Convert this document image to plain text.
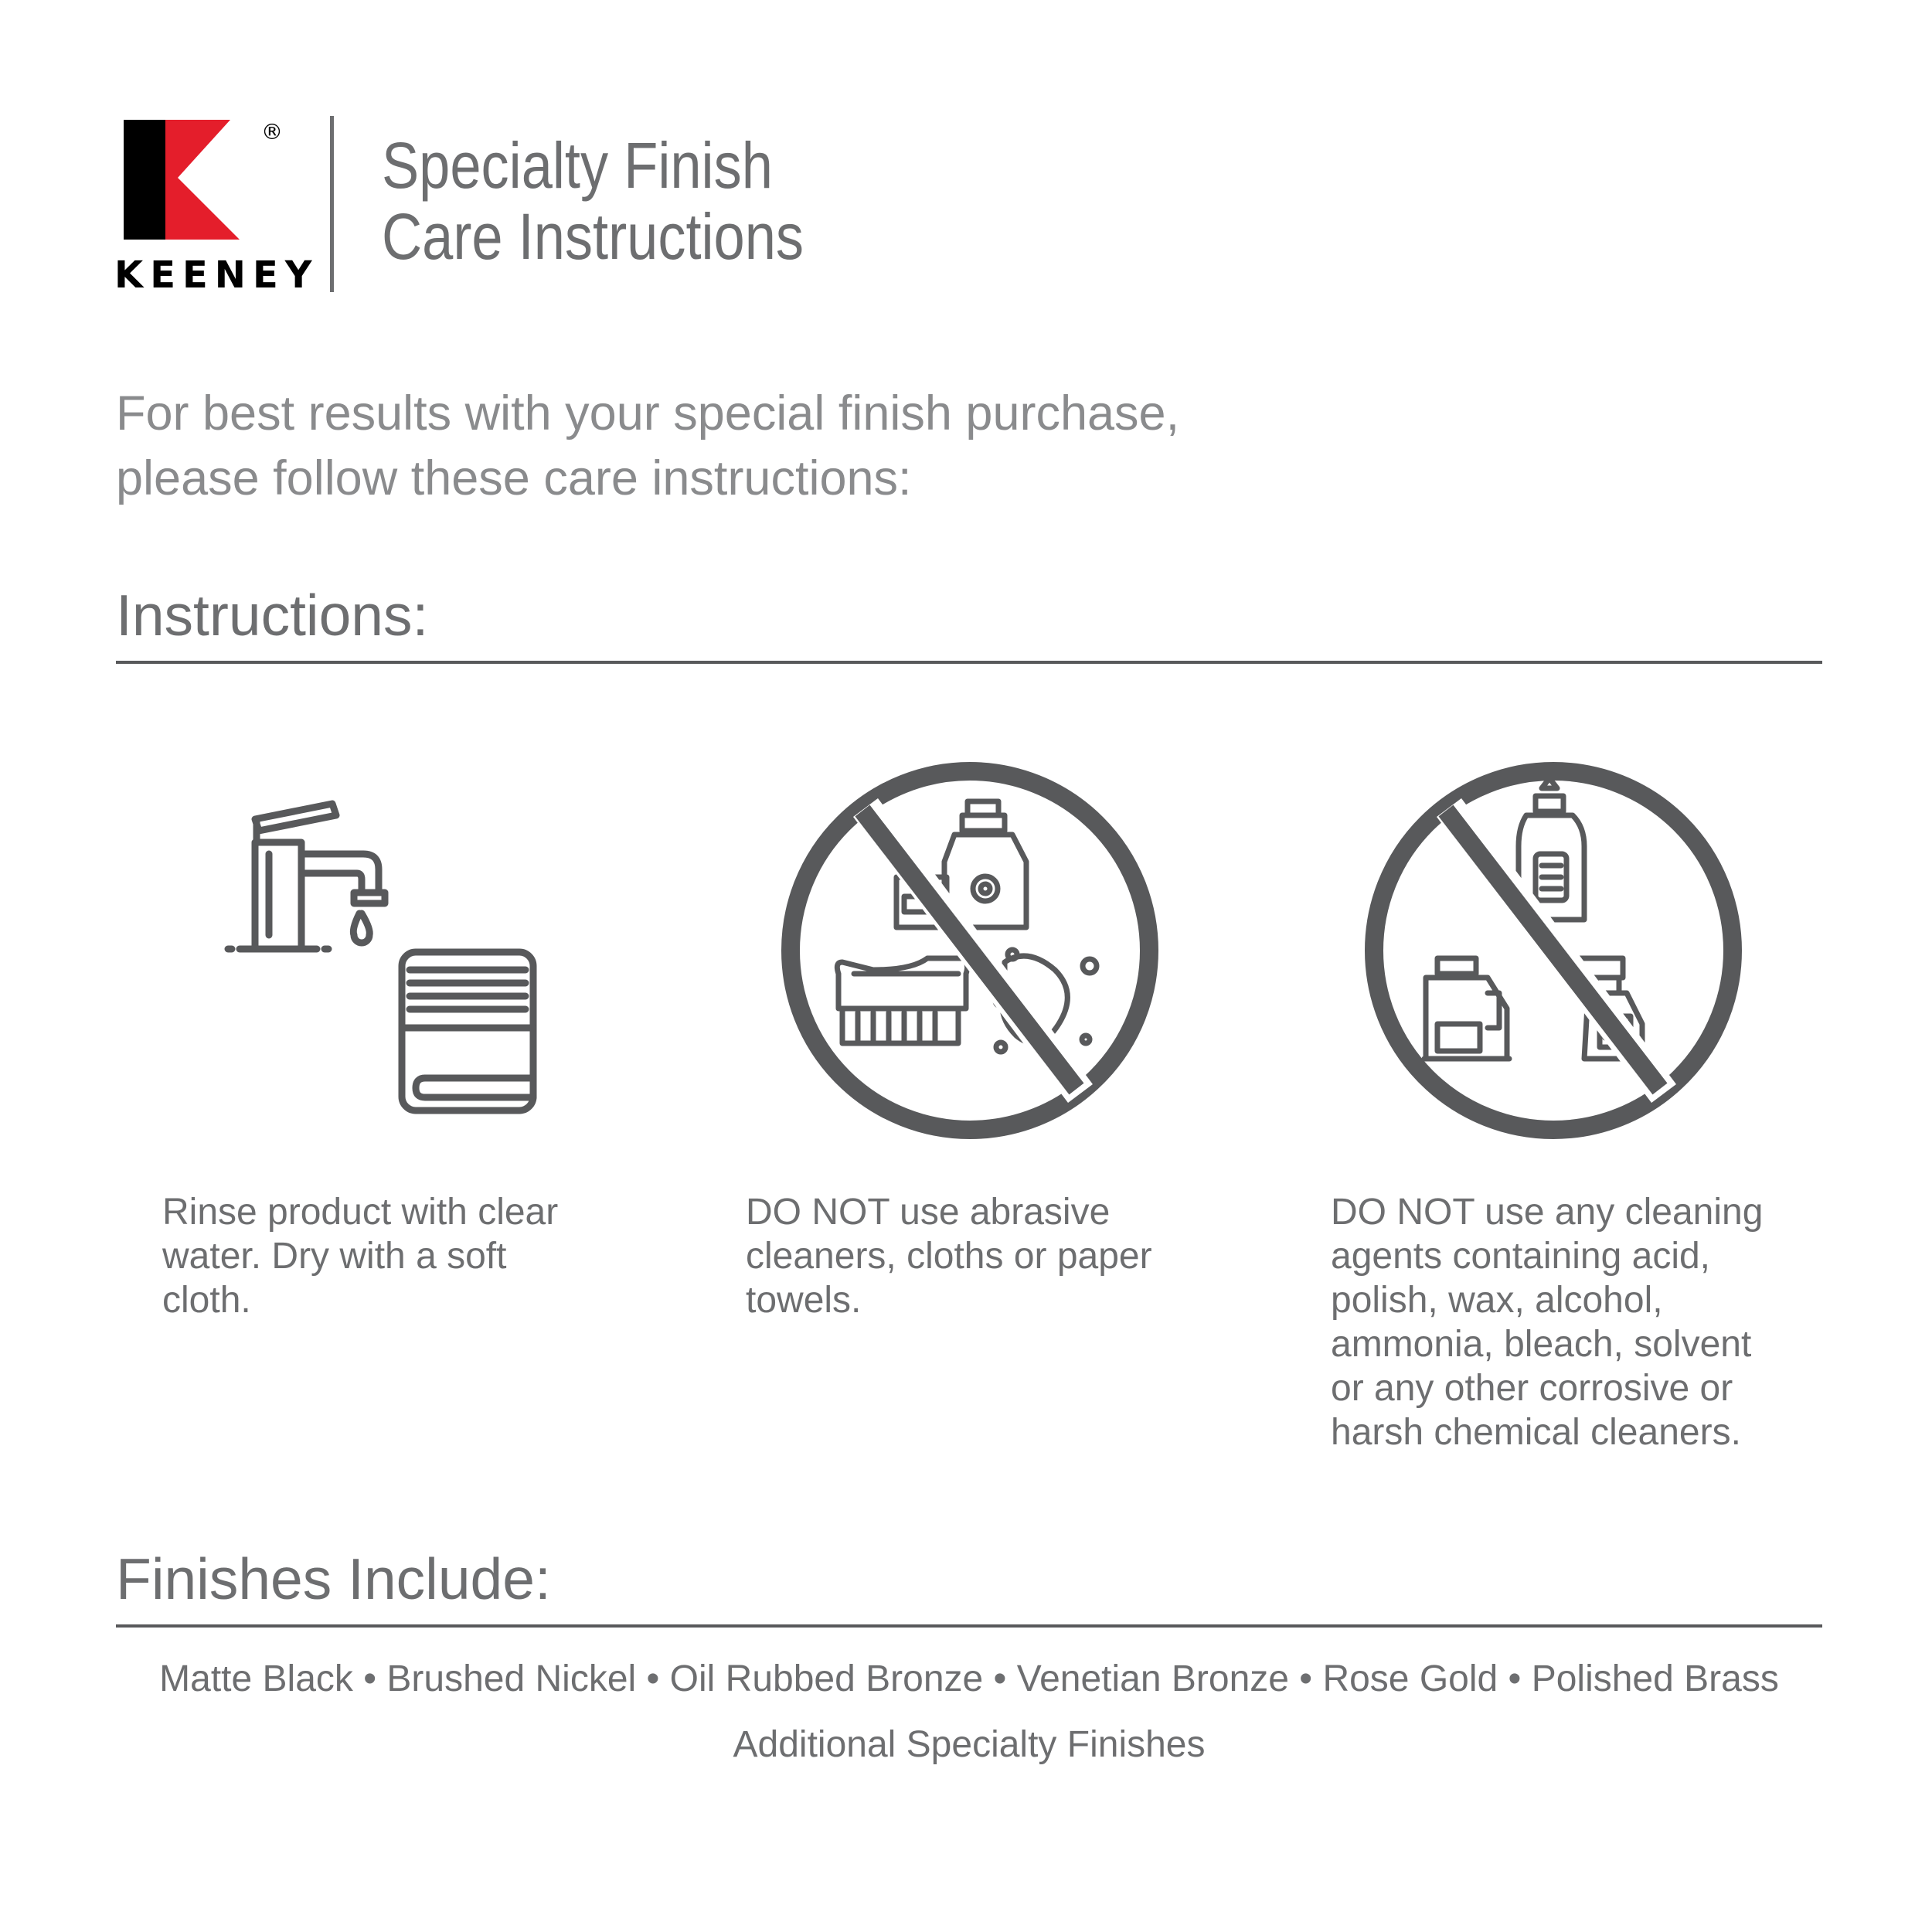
®
KEENEY
Specialty Finish
Care Instructions
For best results with your special finish purchase,
please follow these care instructions:
Instructions:
Rinse product with clear
water. Dry with a soft
cloth.
DO NOT use abrasive
cleaners, cloths or paper
towels.
DO NOT use any cleaning
agents containing acid,
polish, wax, alcohol,
ammonia, bleach, solvent
or any other corrosive or
harsh chemical cleaners.
Finishes Include:
Matte Black • Brushed Nickel • Oil Rubbed Bronze • Venetian Bronze • Rose Gold • Polished Brass
Additional Specialty Finishes
